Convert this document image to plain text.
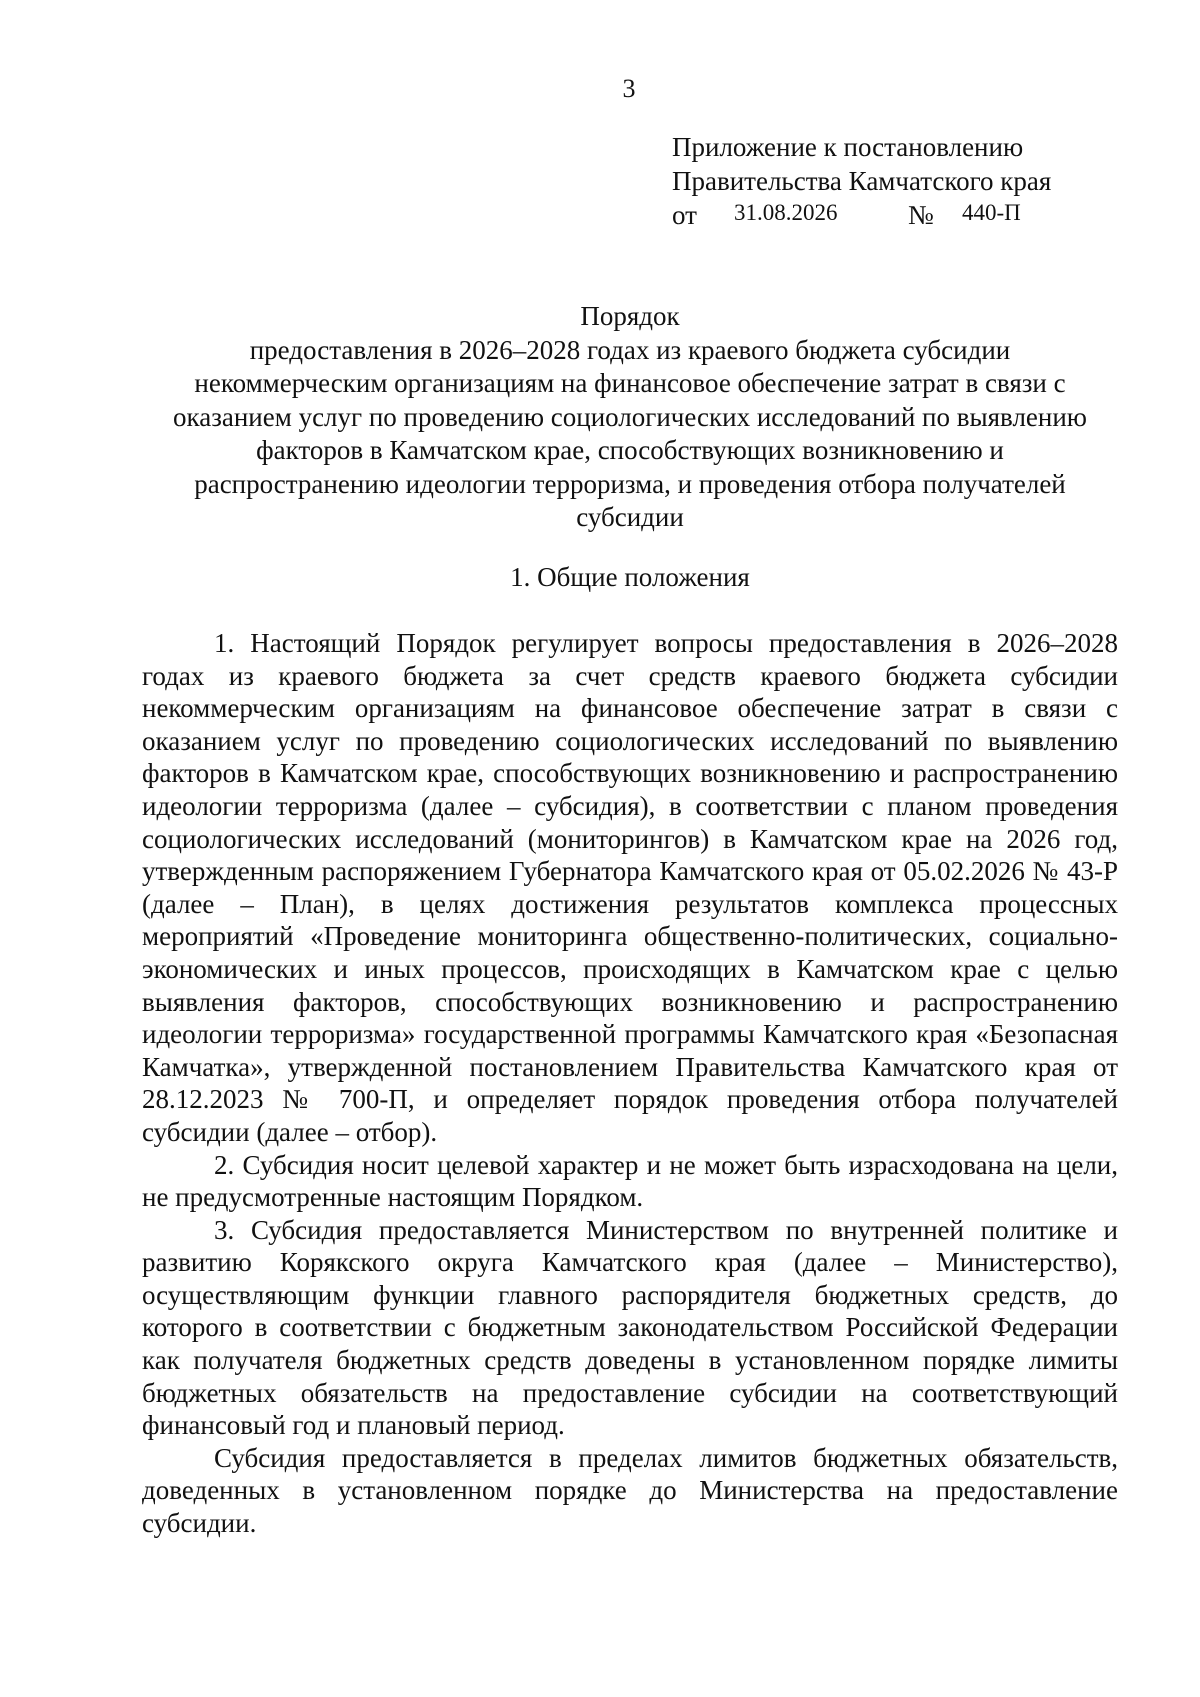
3
Приложение к постановлению
Правительства Камчатского края
от 31.08.2026	№ 440-П
Порядок
предоставления в 2026–2028 годах из краевого бюджета субсидии
некоммерческим организациям на финансовое обеспечение затрат в связи с
оказанием услуг по проведению социологических исследований по выявлению
факторов в Камчатском крае, способствующих возникновению и
распространению идеологии терроризма, и проведения отбора получателей
субсидии
1. Общие положения

1. Настоящий Порядок регулирует вопросы предоставления в 2026–2028 годах из краевого бюджета за счет средств краевого бюджета субсидии некоммерческим организациям на финансовое обеспечение затрат в связи с оказанием услуг по проведению социологических исследований по выявлению факторов в Камчатском крае, способствующих возникновению и распространению идеологии терроризма (далее – субсидия), в соответствии с планом проведения социологических исследований (мониторингов) в Камчатском крае на 2026 год, утвержденным распоряжением Губернатора Камчатского края от 05.02.2026 № 43-Р (далее – План), в целях достижения результатов комплекса процессных мероприятий «Проведение мониторинга общественно-политических, социально-экономических и иных процессов, происходящих в Камчатском крае с целью выявления факторов, способствующих возникновению и распространению идеологии терроризма» государственной программы Камчатского края «Безопасная Камчатка», утвержденной постановлением Правительства Камчатского края от 28.12.2023 № 700-П, и определяет порядок проведения отбора получателей субсидии (далее – отбор).

2. Субсидия носит целевой характер и не может быть израсходована на цели, не предусмотренные настоящим Порядком.

3. Субсидия предоставляется Министерством по внутренней политике и развитию Корякского округа Камчатского края (далее – Министерство), осуществляющим функции главного распорядителя бюджетных средств, до которого в соответствии с бюджетным законодательством Российской Федерации как получателя бюджетных средств доведены в установленном порядке лимиты бюджетных обязательств на предоставление субсидии на соответствующий финансовый год и плановый период.

Субсидия предоставляется в пределах лимитов бюджетных обязательств, доведенных в установленном порядке до Министерства на предоставление субсидии.
